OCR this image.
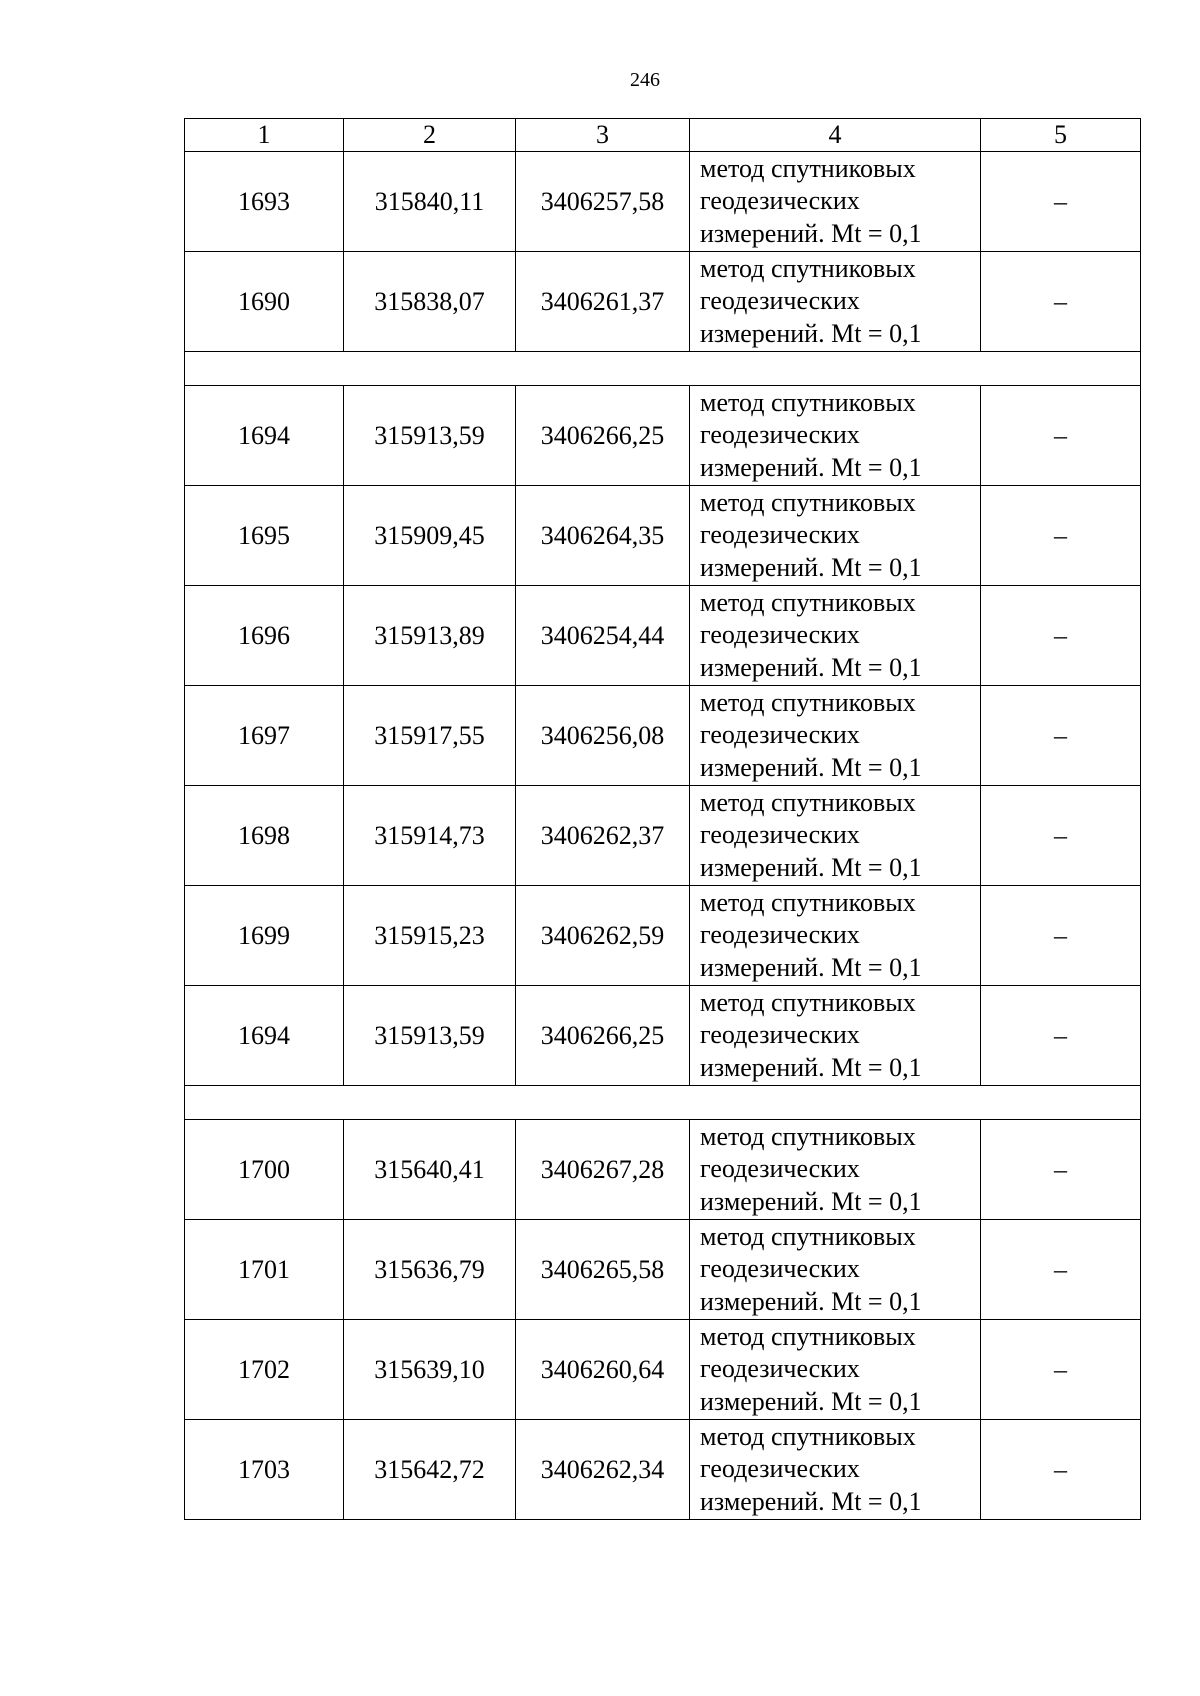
246
1	2	3	4	5
1693	315840,11	3406257,58	метод спутниковых геодезических измерений. Mt = 0,1	–
1690	315838,07	3406261,37	метод спутниковых геодезических измерений. Mt = 0,1	–

1694	315913,59	3406266,25	метод спутниковых геодезических измерений. Mt = 0,1	–
1695	315909,45	3406264,35	метод спутниковых геодезических измерений. Mt = 0,1	–
1696	315913,89	3406254,44	метод спутниковых геодезических измерений. Mt = 0,1	–
1697	315917,55	3406256,08	метод спутниковых геодезических измерений. Mt = 0,1	–
1698	315914,73	3406262,37	метод спутниковых геодезических измерений. Mt = 0,1	–
1699	315915,23	3406262,59	метод спутниковых геодезических измерений. Mt = 0,1	–
1694	315913,59	3406266,25	метод спутниковых геодезических измерений. Mt = 0,1	–

1700	315640,41	3406267,28	метод спутниковых геодезических измерений. Mt = 0,1	–
1701	315636,79	3406265,58	метод спутниковых геодезических измерений. Mt = 0,1	–
1702	315639,10	3406260,64	метод спутниковых геодезических измерений. Mt = 0,1	–
1703	315642,72	3406262,34	метод спутниковых геодезических измерений. Mt = 0,1	–
